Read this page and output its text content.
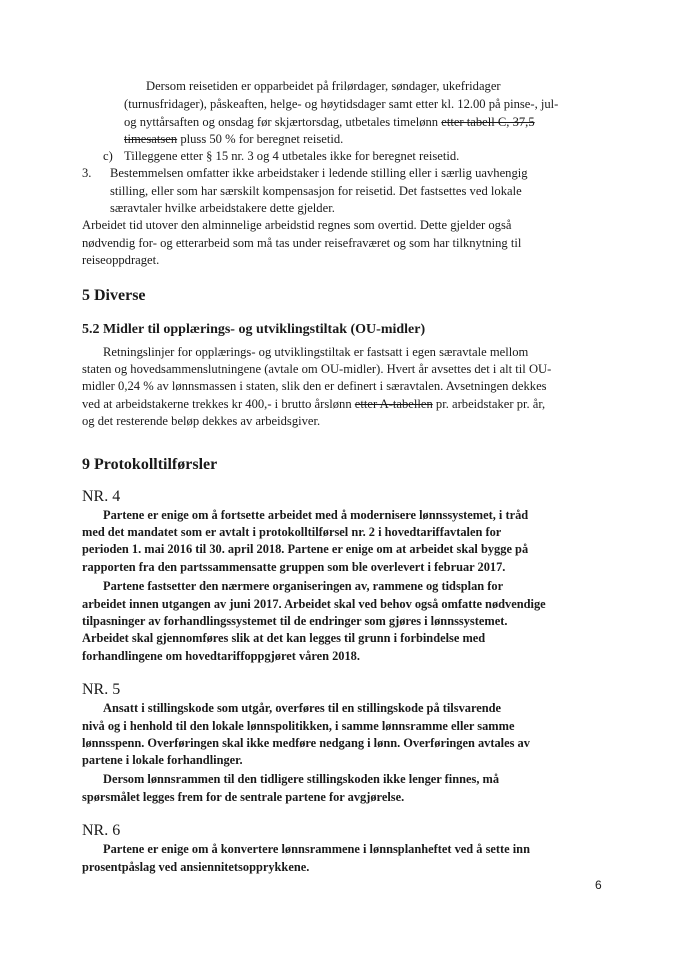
Dersom reisetiden er opparbeidet på frilørdager, søndager, ukefridager
(turnusfridager), påskeaften, helge- og høytidsdager samt etter kl. 12.00 på pinse-, jul-
og nyttårsaften og onsdag før skjærtorsdag, utbetales timelønn etter tabell C, 37,5
timesatsen pluss 50 % for beregnet reisetid.
c) Tilleggene etter § 15 nr. 3 og 4 utbetales ikke for beregnet reisetid.
3. Bestemmelsen omfatter ikke arbeidstaker i ledende stilling eller i særlig uavhengig
stilling, eller som har særskilt kompensasjon for reisetid. Det fastsettes ved lokale
særavtaler hvilke arbeidstakere dette gjelder.
Arbeidet tid utover den alminnelige arbeidstid regnes som overtid. Dette gjelder også
nødvendig for- og etterarbeid som må tas under reisefraværet og som har tilknytning til
reiseoppdraget.
5 Diverse
5.2 Midler til opplærings- og utviklingstiltak (OU-midler)
Retningslinjer for opplærings- og utviklingstiltak er fastsatt i egen særavtale mellom
staten og hovedsammenslutningene (avtale om OU-midler). Hvert år avsettes det i alt til OU-
midler 0,24 % av lønnsmassen i staten, slik den er definert i særavtalen. Avsetningen dekkes
ved at arbeidstakerne trekkes kr 400,- i brutto årslønn etter A-tabellen pr. arbeidstaker pr. år,
og det resterende beløp dekkes av arbeidsgiver.
9 Protokolltilførsler
NR. 4
Partene er enige om å fortsette arbeidet med å modernisere lønnssystemet, i tråd
med det mandatet som er avtalt i protokolltilførsel nr. 2 i hovedtariffavtalen for
perioden 1. mai 2016 til 30. april 2018. Partene er enige om at arbeidet skal bygge på
rapporten fra den partssammensatte gruppen som ble overlevert i februar 2017.
Partene fastsetter den nærmere organiseringen av, rammene og tidsplan for
arbeidet innen utgangen av juni 2017. Arbeidet skal ved behov også omfatte nødvendige
tilpasninger av forhandlingssystemet til de endringer som gjøres i lønnssystemet.
Arbeidet skal gjennomføres slik at det kan legges til grunn i forbindelse med
forhandlingene om hovedtariffoppgjøret våren 2018.
NR. 5
Ansatt i stillingskode som utgår, overføres til en stillingskode på tilsvarende
nivå og i henhold til den lokale lønnspolitikken, i samme lønnsramme eller samme
lønnsspenn. Overføringen skal ikke medføre nedgang i lønn. Overføringen avtales av
partene i lokale forhandlinger.
Dersom lønnsrammen til den tidligere stillingskoden ikke lenger finnes, må
spørsmålet legges frem for de sentrale partene for avgjørelse.
NR. 6
Partene er enige om å konvertere lønnsrammene i lønnsplanheftet ved å sette inn
prosentpåslag ved ansiennitetsopprykkene.
6
